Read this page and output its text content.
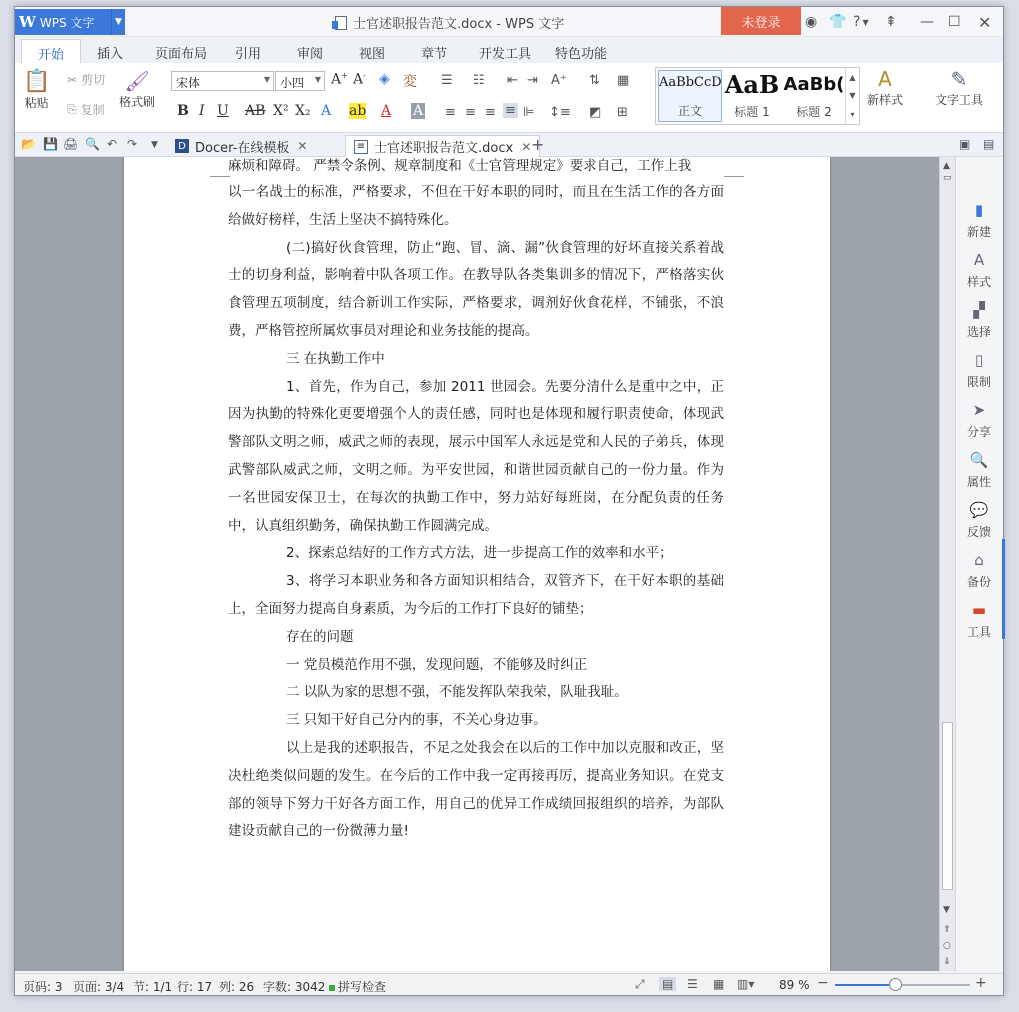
W WPS 文字	▼	士官述职报告范文.docx - WPS 文字	未登录	◉ 👕 ? ▼ ⇞ — ☐ ✕
开始	插入 页面布局 引用	审阅	视图	章节 开发工具 特色功能
📋
粘贴
✂ 剪切
⎘ 复制
🖌
格式刷
宋体	▼ 小四 ▼ A+ A- ◈ 変
B I U AB X² X₂ A ab A A
☰ ☷ ⇤ ⇥ A⁺ ⇅ ▦
≡ ≡ ≡ ≡ ⊫ ↕≡ ◩ ⊞
AaBbCcD
正文
AaB
标题 1
AaBb(
标题 2
▲
▼
▾
A
新样式
✎
文字工具
📂 💾 🖨 🔍 ↶ ↷ ▼	D Docer-在线模板 ✕	≡ 士官述职报告范文.docx ✕ +	▣ ▤

麻烦和障碍。 严禁令条例、规章制度和《士官管理规定》要求自己，工作上我

以一名战士的标准，严格要求，不但在干好本职的同时，而且在生活工作的各方面给做好榜样，生活上坚决不搞特殊化。

(二)搞好伙食管理，防止“跑、冒、滴、漏”伙食管理的好坏直接关系着战士的切身利益，影响着中队各项工作。在教导队各类集训多的情况下，严格落实伙食管理五项制度，结合新训工作实际，严格要求，调剂好伙食花样，不铺张，不浪费，严格管控所属炊事员对理论和业务技能的提高。

三 在执勤工作中

1、首先，作为自己，参加 2011 世园会。先要分清什么是重中之中，正因为执勤的特殊化更要增强个人的责任感，同时也是体现和履行职责使命，体现武警部队文明之师，威武之师的表现，展示中国军人永远是党和人民的子弟兵，体现武警部队威武之师，文明之师。为平安世园，和谐世园贡献自己的一份力量。作为一名世园安保卫士，在每次的执勤工作中，努力站好每班岗，在分配负责的任务中，认真组织勤务，确保执勤工作圆满完成。

2、探索总结好的工作方式方法，进一步提高工作的效率和水平；

3、将学习本职业务和各方面知识相结合，双管齐下，在干好本职的基础上，全面努力提高自身素质，为今后的工作打下良好的铺垫；

存在的问题

一 党员模范作用不强，发现问题，不能够及时纠正

二 以队为家的思想不强，不能发挥队荣我荣，队耻我耻。

三 只知干好自己分内的事，不关心身边事。

以上是我的述职报告，不足之处我会在以后的工作中加以克服和改正，坚决杜绝类似问题的发生。在今后的工作中我一定再接再厉，提高业务知识。在党支部的领导下努力干好各方面工作，用自己的优异工作成绩回报组织的培养，为部队建设贡献自己的一份微薄力量!

▲
▭
▼
⇑
○
⇓
▮
新建
A
样式
▞
选择
▯
限制
➤
分享
🔍
属性
💬
反馈
⌂
备份
▬
工具
页码: 3 页面: 3/4 节: 1/1 行: 17 列: 26 字数: 3042	拼写检查	⤢ ▤ ☰ ▦ ▥▾ 89 % −	+
